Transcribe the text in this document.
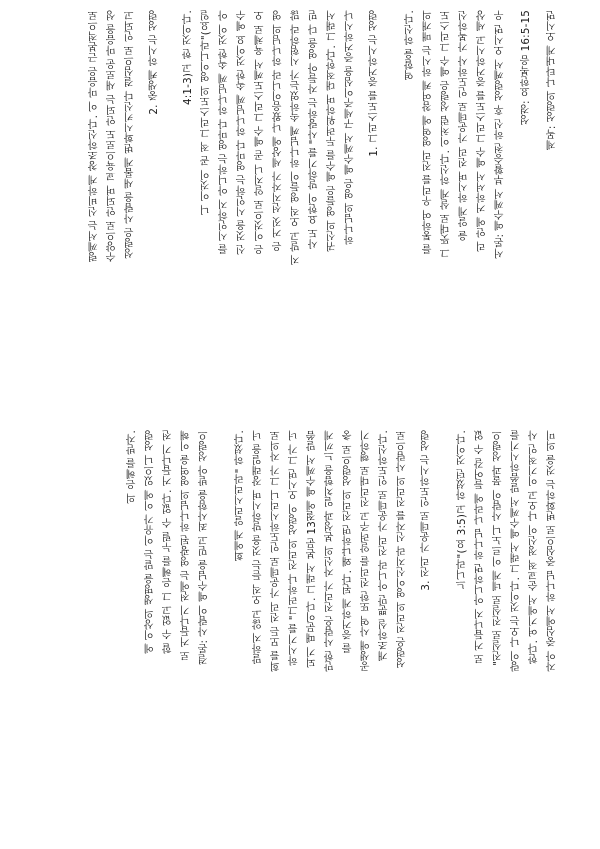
제목: 성령의 나타내게 오시면
성경: 요한복음 16:5-15
서론: 예수께서 부활승천 하신 후 성령께서 오시면 우
리 안에 거하셔서 예수 그리스도를 증거하시고 세상
을 알게 하시며 진리 가운데로 인도하사 가복하신
그 뜻대로 살게 하신다. 이처럼 성령은 예수 그리스도
를 통하여 우리를 진리 영역에 참여케 하시는 매개의
역할을 하신다.
1. 그리스도를 증거하시는 성령
하나님의 영은 예수께서 구세주이심을 증거하시나
귀신의 영들은 예수를 두려워하며 대적한다. 그래서
사도 요한이 말하기를 "사랑하는 자들아 영을 다 믿
지 말고 오직 영들이 하나님께 속하였는가 시험하라 많
은 거짓 선지자가 세상에 나왔음이니라 하나님의 영
은 이것으로 알지니 곧 예수 그리스도께서 육체로 오
신 것을 시인하는 영마다 하나님께 속한 것이요 예수
를 시인하지 아니하는 영마다 하나님께 속한 것이 아
니 이것이 곧 적 그리스도의 영이니라"(요일
4:1-3)고 한 것이다.
2. 중생케 하시는 성령
성령은 사람을 새롭게 변화시키신다 결심으로 인되고
수양으로 안되며 교육으로도 안되는 새로운 마음을 성
령께서는 신비하게 창조하신다. 이 마음은 근본적으로
자아 중심에서 하나님 중심으로 변화하는 것을 의미
한다. 여기에서 순교적 정신이 나오고 이기적인 사
랑이 나오는 것이다. 그래서 예수께서 말씀하시기를
"진실로 진실로 네게 이르노니 사람이 물과 성령으
로 거듭나지 아니하면 하나님 나라에 들어갈 수 없
느니라"(요 3:5)고 하셨던 것이다.
3. 진리 가운데로 인도하시는 성령
성령은 진리의 영이신지라 신자를 진리의 사람으로
개조하실 뿐만 아니라 진리 가운데로 인도하신다.
공생애 사역 또한 진리를 알려주고 진리대로 행하기
를 증거하게 된다. 왜냐하면 진리의 성령으로 충
만한 사람은 진리가 자신의 본성과 일치함을 느끼게
되기 때문이다. 그래서 본문 13절에 예수께서 말씀
하시기를 "그러하나 진리의 성령이 오시면 그가 너
희를 모든 진리 가운데로 인도하시리니 그가 자의로
말하지 않고 오직 듣는 것을 말하시며 장래일을 너
희에게 알리시리라" 하셨다.
결론: 사람이 예수님을 믿고 죄사함을 받아 성령으
로 거듭나기 전에는 영광된 하나님의 영역을 이해
할 수 없고 그 은혜를 누릴 수 없다. 거듭나기 전
에 이상의 생명을 맡는 이유가 이에 있으니 성령
의 은혜를 받자.
